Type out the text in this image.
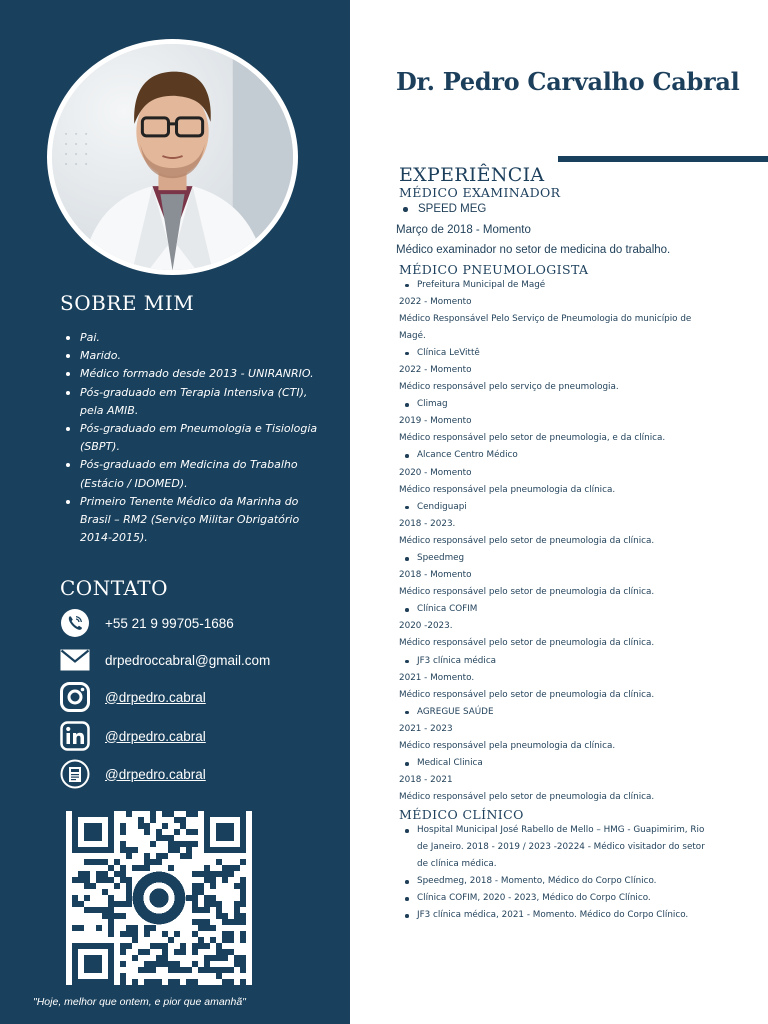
SOBRE MIM
Pai.
Marido.
Médico formado desde 2013 - UNIRANRIO.
Pós-graduado em Terapia Intensiva (CTI), pela AMIB.
Pós-graduado em Pneumologia e Tisiologia (SBPT).
Pós-graduado em Medicina do Trabalho (Estácio / IDOMED).
Primeiro Tenente Médico da Marinha do Brasil – RM2 (Serviço Militar Obrigatório 2014-2015).
CONTATO
+55 21 9 99705-1686
drpedroccabral@gmail.com
@drpedro.cabral
@drpedro.cabral
@drpedro.cabral
"Hoje, melhor que ontem, e pior que amanhã"
Dr. Pedro Carvalho Cabral
EXPERIÊNCIA
MÉDICO EXAMINADOR
SPEED MEG
Março de 2018 - Momento
Médico examinador no setor de medicina do trabalho.
MÉDICO PNEUMOLOGISTA
Prefeitura Municipal de Magé
2022 - Momento
Médico Responsável Pelo Serviço de Pneumologia do município de Magé.
Clínica LeVittê
2022 - Momento
Médico responsável pelo serviço de pneumologia.
Climag
2019 - Momento
Médico responsável pelo setor de pneumologia, e da clínica.
Alcance Centro Médico
2020 - Momento
Médico responsável pela pneumologia da clínica.
Cendiguapi
2018 - 2023.
Médico responsável pelo setor de pneumologia da clínica.
Speedmeg
2018 - Momento
Médico responsável pelo setor de pneumologia da clínica.
Clínica COFIM
2020 -2023.
Médico responsável pelo setor de pneumologia da clínica.
JF3 clínica médica
2021 - Momento.
Médico responsável pelo setor de pneumologia da clínica.
AGREGUE SAÚDE
2021 - 2023
Médico responsável pela pneumologia da clínica.
Medical Clinica
2018 - 2021
Médico responsável pelo setor de pneumologia da clínica.
MÉDICO CLÍNICO
Hospital Municipal José Rabello de Mello – HMG - Guapimirim, Rio de Janeiro. 2018 - 2019 / 2023 -20224 - Médico visitador do setor de clínica médica.
Speedmeg, 2018 - Momento, Médico do Corpo Clínico.
Clínica COFIM, 2020 - 2023, Médico do Corpo Clínico.
JF3 clínica médica, 2021 - Momento. Médico do Corpo Clínico.
